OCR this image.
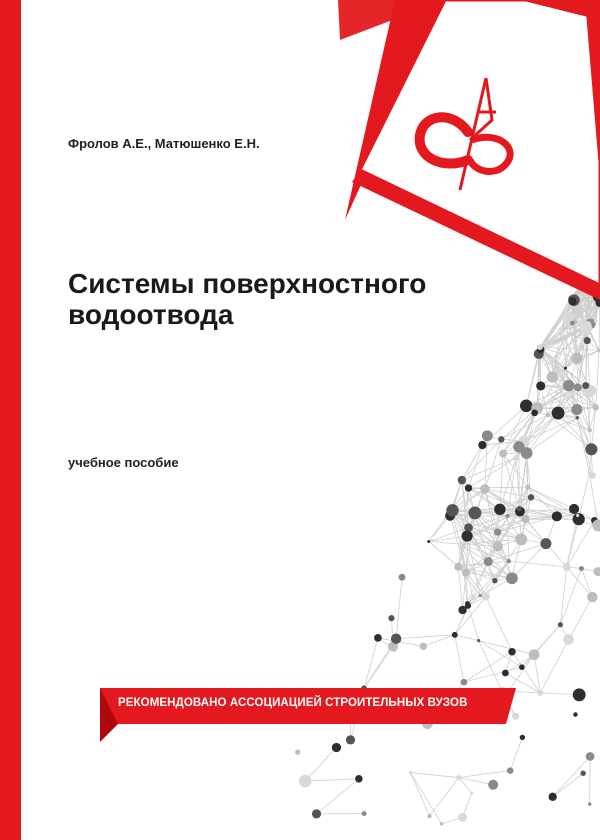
Фролов А.Е., Матюшенко Е.Н.
Системы поверхностного
водоотвода
учебное пособие
РЕКОМЕНДОВАНО АССОЦИАЦИЕЙ СТРОИТЕЛЬНЫХ ВУЗОВ
